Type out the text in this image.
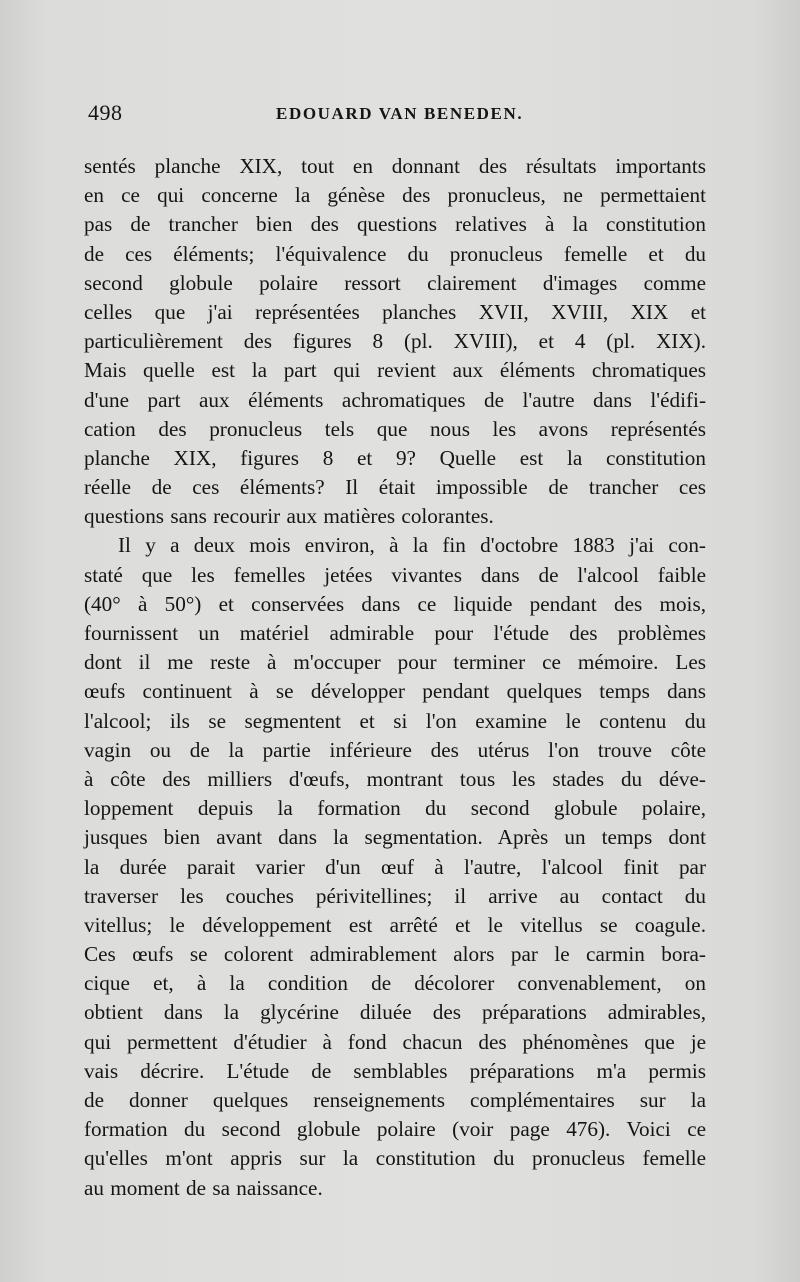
498	EDOUARD VAN BENEDEN.
sentés planche XIX, tout en donnant des résultats importants
en ce qui concerne la génèse des pronucleus, ne permettaient
pas de trancher bien des questions relatives à la constitution
de ces éléments; l'équivalence du pronucleus femelle et du
second globule polaire ressort clairement d'images comme
celles que j'ai représentées planches XVII, XVIII, XIX et
particulièrement des figures 8 (pl. XVIII), et 4 (pl. XIX).
Mais quelle est la part qui revient aux éléments chromatiques
d'une part aux éléments achromatiques de l'autre dans l'édifi-
cation des pronucleus tels que nous les avons représentés
planche XIX, figures 8 et 9? Quelle est la constitution
réelle de ces éléments? Il était impossible de trancher ces
questions sans recourir aux matières colorantes.
Il y a deux mois environ, à la fin d'octobre 1883 j'ai con-
staté que les femelles jetées vivantes dans de l'alcool faible
(40° à 50°) et conservées dans ce liquide pendant des mois,
fournissent un matériel admirable pour l'étude des problèmes
dont il me reste à m'occuper pour terminer ce mémoire. Les
œufs continuent à se développer pendant quelques temps dans
l'alcool; ils se segmentent et si l'on examine le contenu du
vagin ou de la partie inférieure des utérus l'on trouve côte
à côte des milliers d'œufs, montrant tous les stades du déve-
loppement depuis la formation du second globule polaire,
jusques bien avant dans la segmentation. Après un temps dont
la durée parait varier d'un œuf à l'autre, l'alcool finit par
traverser les couches périvitellines; il arrive au contact du
vitellus; le développement est arrêté et le vitellus se coagule.
Ces œufs se colorent admirablement alors par le carmin bora-
cique et, à la condition de décolorer convenablement, on
obtient dans la glycérine diluée des préparations admirables,
qui permettent d'étudier à fond chacun des phénomènes que je
vais décrire. L'étude de semblables préparations m'a permis
de donner quelques renseignements complémentaires sur la
formation du second globule polaire (voir page 476). Voici ce
qu'elles m'ont appris sur la constitution du pronucleus femelle
au moment de sa naissance.
